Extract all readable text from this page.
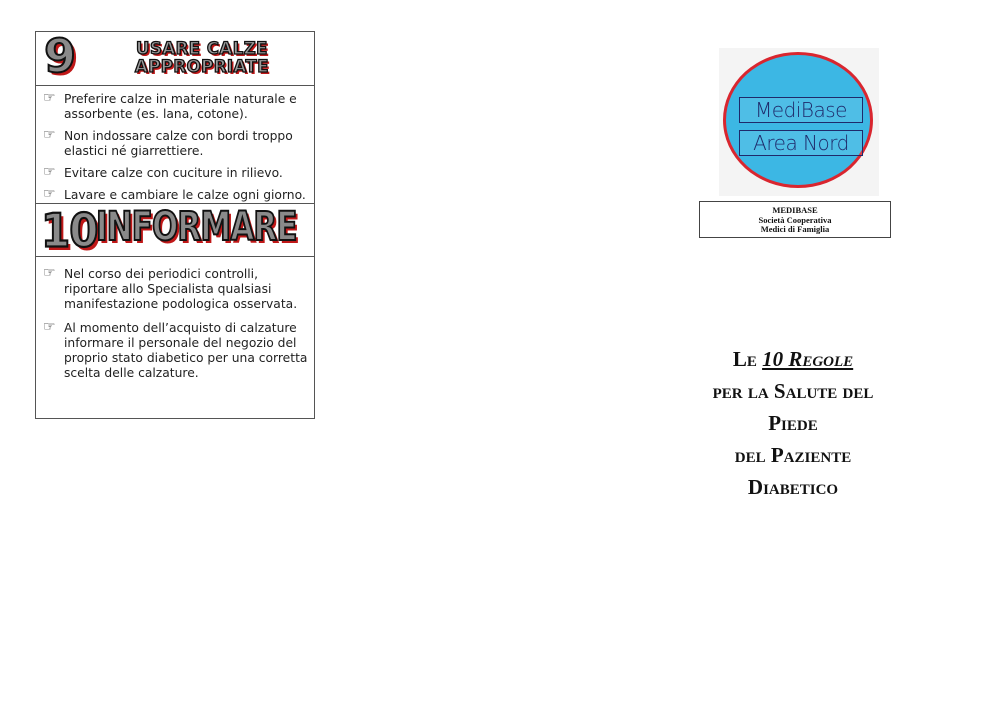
9	USARE CALZE
APPROPRIATE
☞ Preferire calze in materiale naturale e assorbente (es. lana, cotone).
☞ Non indossare calze con bordi troppo elastici né giarrettiere.
☞ Evitare calze con cuciture in rilievo.
☞ Lavare e cambiare le calze ogni giorno.
10
INFORMARE
☞ Nel corso dei periodici controlli, riportare allo Specialista qualsiasi manifestazione podologica osservata.
☞ Al momento dell’acquisto di calzature informare il personale del negozio del proprio stato diabetico per una corretta scelta delle calzature.
MediBase
Area Nord
MEDIBASE
Società Cooperativa
Medici di Famiglia
Le 10 Regole
per la Salute del
Piede
del Paziente
Diabetico
